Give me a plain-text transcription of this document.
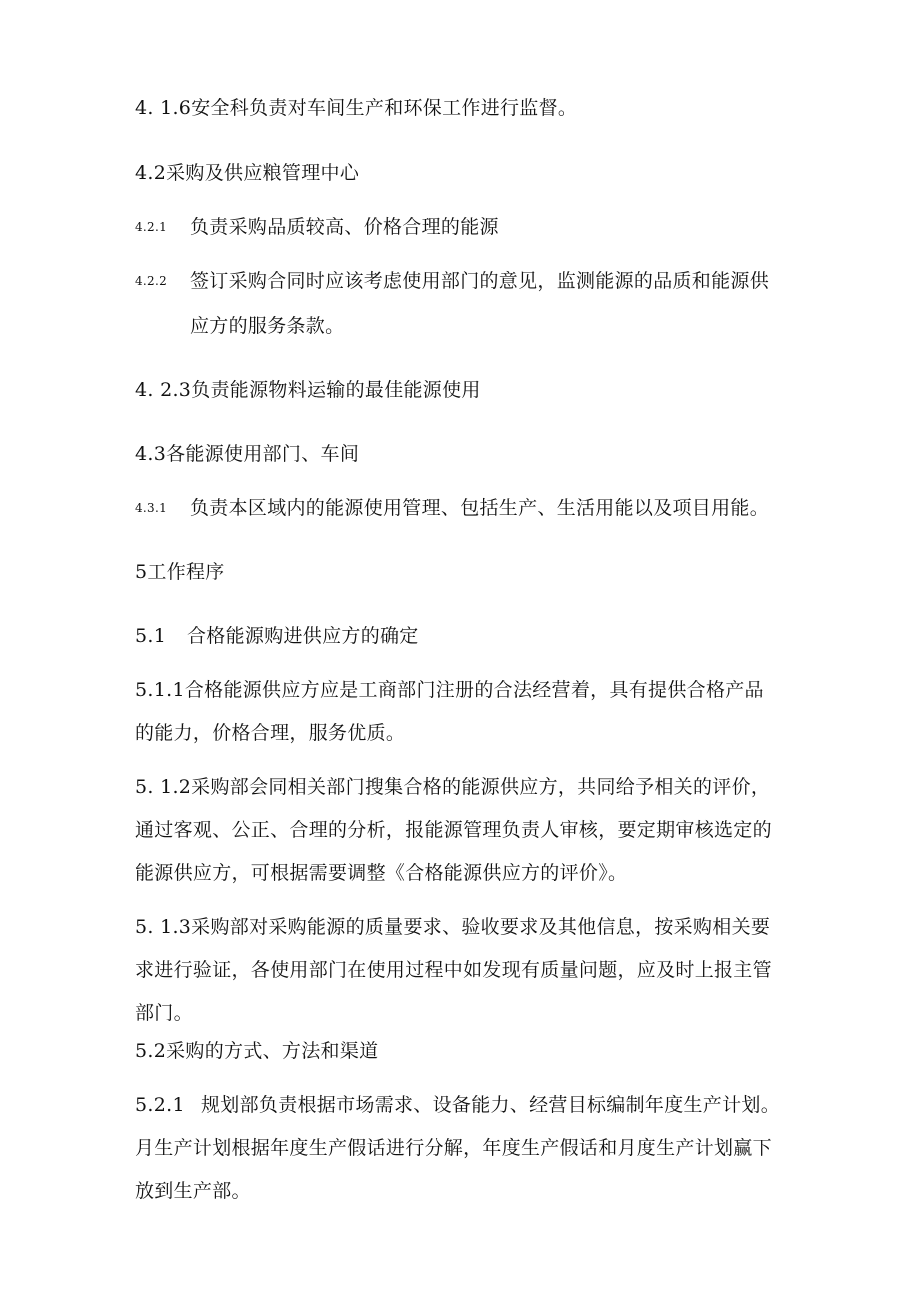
4. 1.6安全科负责对车间生产和环保工作进行监督。
4.2采购及供应粮管理中心
4.2.1 负责采购品质较高、价格合理的能源
4.2.2 签订采购合同时应该考虑使用部门的意见，监测能源的品质和能源供
应方的服务条款。
4. 2.3负责能源物料运输的最佳能源使用
4.3各能源使用部门、车间
4.3.1 负责本区域内的能源使用管理、包括生产、生活用能以及项目用能。
5工作程序
5.1 合格能源购进供应方的确定
5.1.1合格能源供应方应是工商部门注册的合法经营着，具有提供合格产品
的能力，价格合理，服务优质。
5. 1.2采购部会同相关部门搜集合格的能源供应方，共同给予相关的评价，
通过客观、公正、合理的分析，报能源管理负责人审核，要定期审核选定的
能源供应方，可根据需要调整《合格能源供应方的评价》。
5. 1.3采购部对采购能源的质量要求、验收要求及其他信息，按采购相关要
求进行验证，各使用部门在使用过程中如发现有质量问题，应及时上报主管
部门。
5.2采购的方式、方法和渠道
5.2.1 规划部负责根据市场需求、设备能力、经营目标编制年度生产计划。
月生产计划根据年度生产假话进行分解，年度生产假话和月度生产计划赢下
放到生产部。
